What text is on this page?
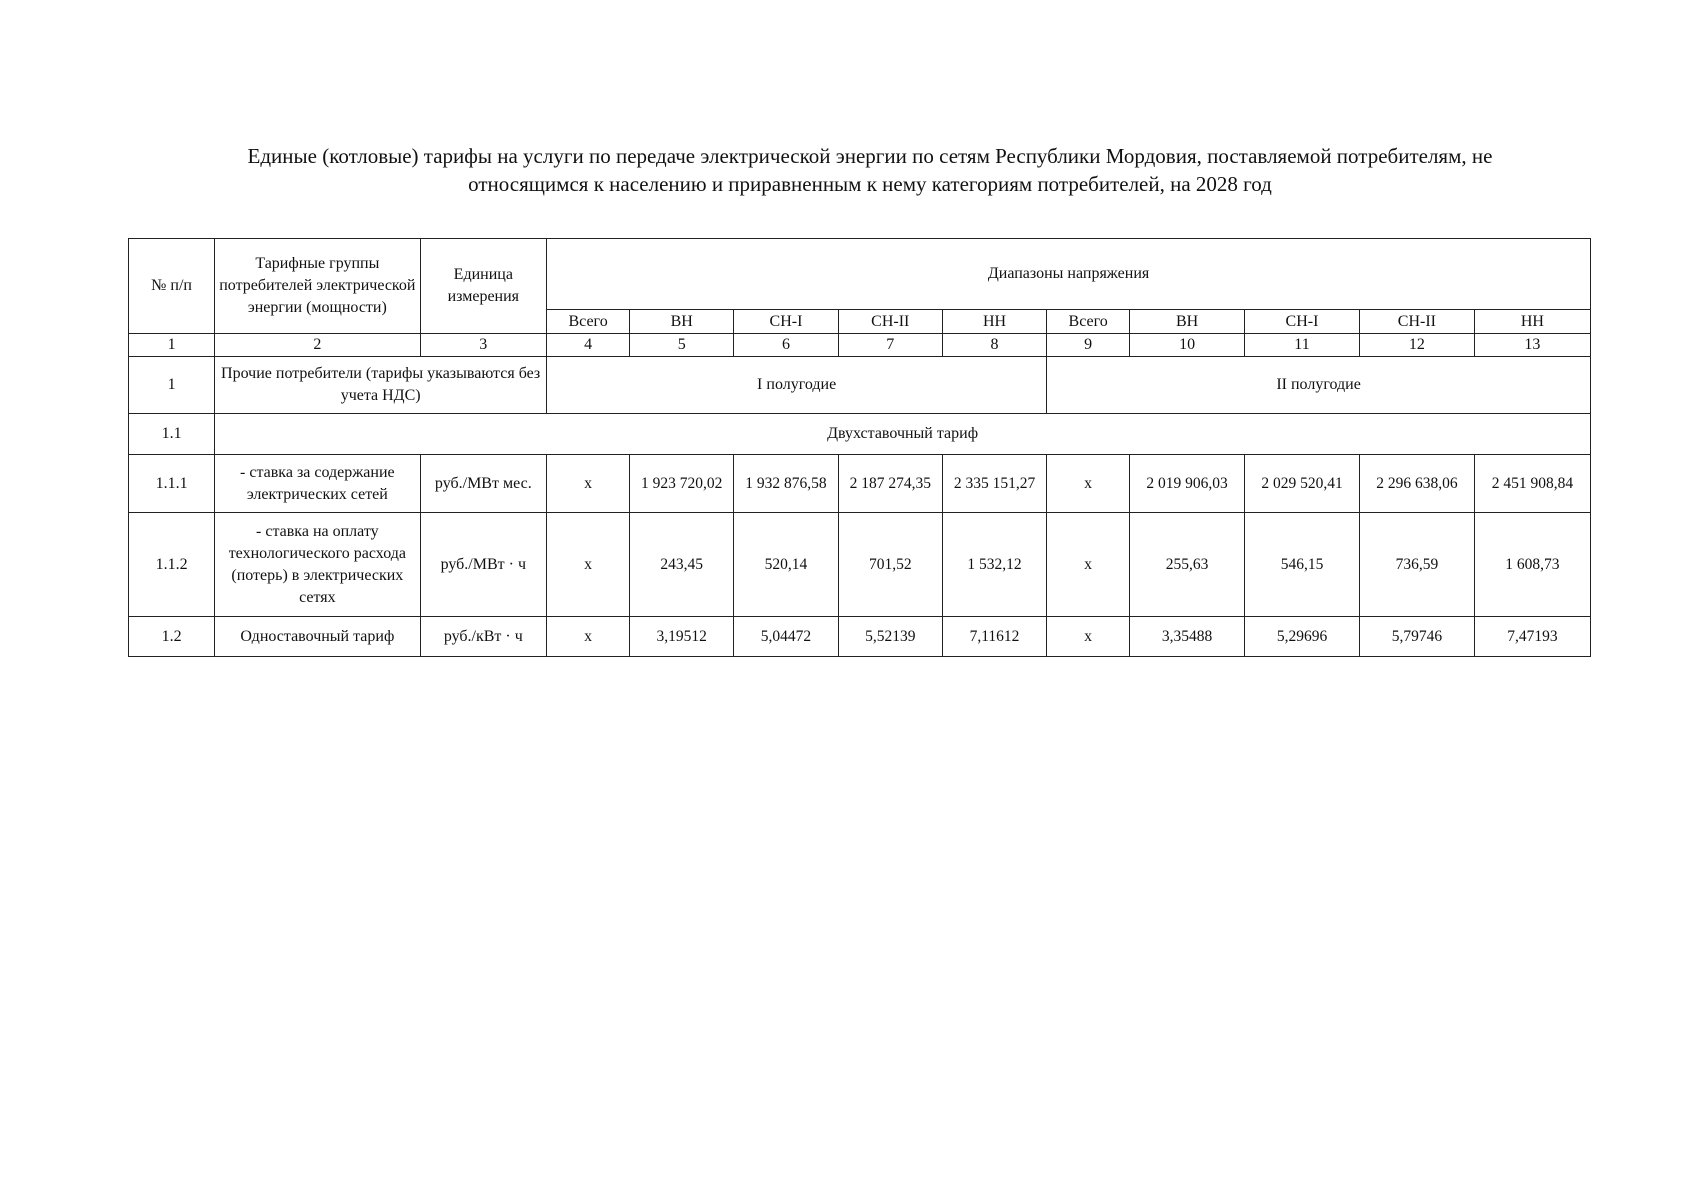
Единые (котловые) тарифы на услуги по передаче электрической энергии по сетям Республики Мордовия, поставляемой потребителям, не
относящимся к населению и приравненным к нему категориям потребителей, на 2028 год
№ п/п	Тарифные группы потребителей электрической энергии (мощности)	Единица измерения	Диапазоны напряжения									
			Всего	ВН	СН-I	СН-II	НН	Всего	ВН	СН-I	СН-II	НН
1	2	3	4	5	6	7	8	9	10	11	12	13
1	Прочие потребители (тарифы указываются без учета НДС)		I полугодие					II полугодие				
1.1	Двухставочный тариф											
1.1.1	- ставка за содержание электрических сетей	руб./МВт мес.	х	1 923 720,02	1 932 876,58	2 187 274,35	2 335 151,27	х	2 019 906,03	2 029 520,41	2 296 638,06	2 451 908,84
1.1.2	- ставка на оплату технологического расхода (потерь) в электрических сетях	руб./МВт · ч	х	243,45	520,14	701,52	1 532,12	х	255,63	546,15	736,59	1 608,73
1.2	Одноставочный тариф	руб./кВт · ч	х	3,19512	5,04472	5,52139	7,11612	х	3,35488	5,29696	5,79746	7,47193
